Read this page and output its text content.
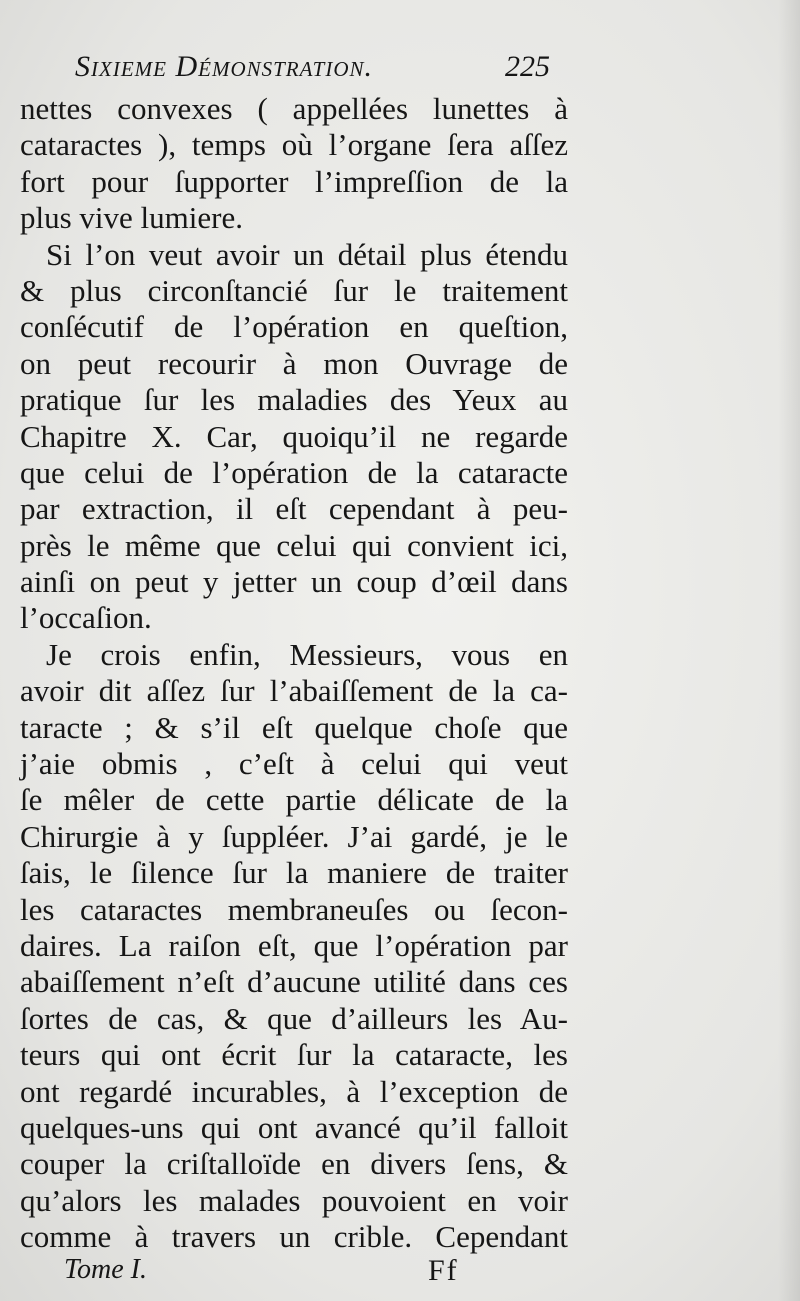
Sixieme Démonstration.	225
nettes convexes ( appellées lunettes à
cataractes ), temps où l’organe ſera aſſez
fort pour ſupporter l’impreſſion de la
plus vive lumiere.
Si l’on veut avoir un détail plus étendu
& plus circonſtancié ſur le traitement
conſécutif de l’opération en queſtion,
on peut recourir à mon Ouvrage de
pratique ſur les maladies des Yeux au
Chapitre X. Car, quoiqu’il ne regarde
que celui de l’opération de la cataracte
par extraction, il eſt cependant à peu-
près le même que celui qui convient ici,
ainſi on peut y jetter un coup d’œil dans
l’occaſion.
Je crois enfin, Messieurs, vous en
avoir dit aſſez ſur l’abaiſſement de la ca-
taracte ; & s’il eſt quelque choſe que
j’aie obmis , c’eſt à celui qui veut
ſe mêler de cette partie délicate de la
Chirurgie à y ſuppléer. J’ai gardé, je le
ſais, le ſilence ſur la maniere de traiter
les cataractes membraneuſes ou ſecon-
daires. La raiſon eſt, que l’opération par
abaiſſement n’eſt d’aucune utilité dans ces
ſortes de cas, & que d’ailleurs les Au-
teurs qui ont écrit ſur la cataracte, les
ont regardé incurables, à l’exception de
quelques-uns qui ont avancé qu’il falloit
couper la criſtalloïde en divers ſens, &
qu’alors les malades pouvoient en voir
comme à travers un crible. Cependant
Tome I.	Ff
